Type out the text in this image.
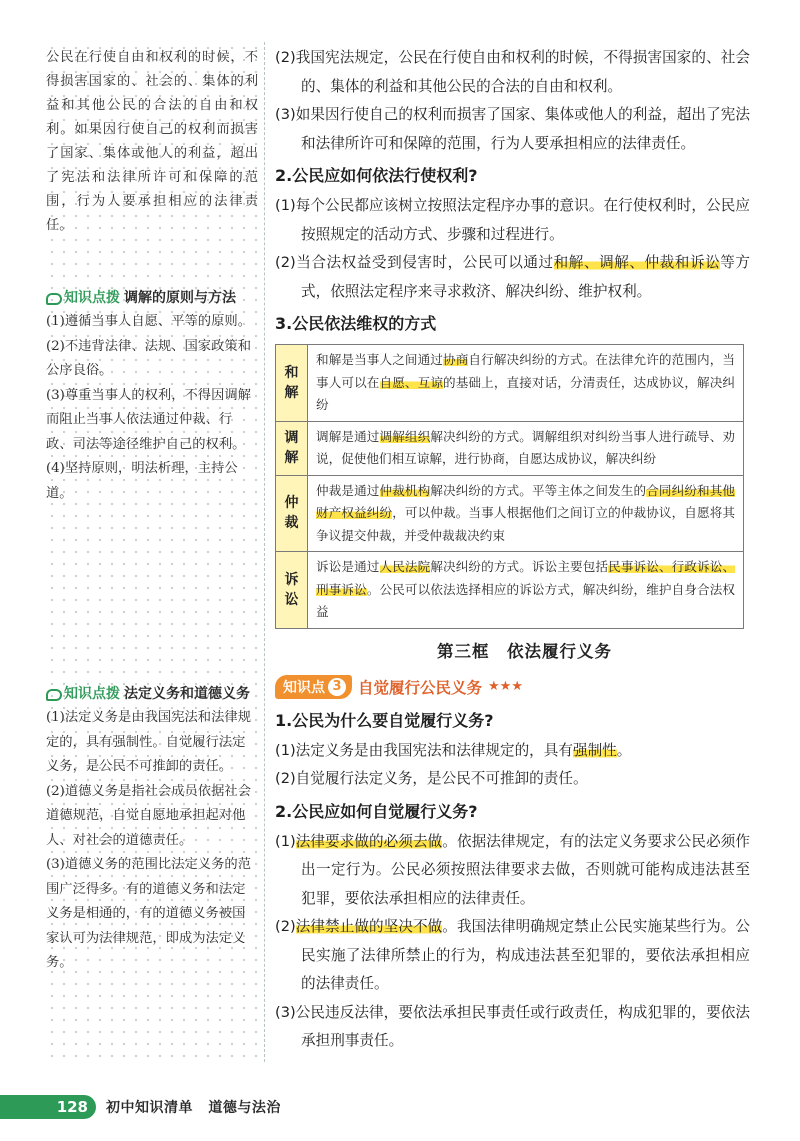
公民在行使自由和权利的时候，不得损害国家的、社会的、集体的利益和其他公民的合法的自由和权利。如果因行使自己的权利而损害了国家、集体或他人的利益，超出了宪法和法律所许可和保障的范围，行为人要承担相应的法律责任。
知识点拨 调解的原则与方法
(1)遵循当事人自愿、平等的原则。
(2)不违背法律、法规、国家政策和公序良俗。
(3)尊重当事人的权利，不得因调解而阻止当事人依法通过仲裁、行政、司法等途径维护自己的权利。
(4)坚持原则，明法析理，主持公道。
知识点拨 法定义务和道德义务
(1)法定义务是由我国宪法和法律规定的，具有强制性。自觉履行法定义务，是公民不可推卸的责任。
(2)道德义务是指社会成员依据社会道德规范，自觉自愿地承担起对他人、对社会的道德责任。
(3)道德义务的范围比法定义务的范围广泛得多。有的道德义务和法定义务是相通的，有的道德义务被国家认可为法律规范，即成为法定义务。
(2)我国宪法规定，公民在行使自由和权利的时候，不得损害国家的、社会的、集体的利益和其他公民的合法的自由和权利。
(3)如果因行使自己的权利而损害了国家、集体或他人的利益，超出了宪法和法律所许可和保障的范围，行为人要承担相应的法律责任。
2.公民应如何依法行使权利?
(1)每个公民都应该树立按照法定程序办事的意识。在行使权利时，公民应按照规定的活动方式、步骤和过程进行。
(2)当合法权益受到侵害时，公民可以通过和解、调解、仲裁和诉讼等方式，依照法定程序来寻求救济、解决纠纷、维护权利。
3.公民依法维权的方式
和解	和解是当事人之间通过协商自行解决纠纷的方式。在法律允许的范围内，当事人可以在自愿、互谅的基础上，直接对话，分清责任，达成协议，解决纠纷
调解	调解是通过调解组织解决纠纷的方式。调解组织对纠纷当事人进行疏导、劝说，促使他们相互谅解，进行协商，自愿达成协议，解决纠纷
仲裁	仲裁是通过仲裁机构解决纠纷的方式。平等主体之间发生的合同纠纷和其他财产权益纠纷，可以仲裁。当事人根据他们之间订立的仲裁协议，自愿将其争议提交仲裁，并受仲裁裁决约束
诉讼	诉讼是通过人民法院解决纠纷的方式。诉讼主要包括民事诉讼、行政诉讼、刑事诉讼。公民可以依法选择相应的诉讼方式，解决纠纷，维护自身合法权益
第三框　依法履行义务
知识点 3 自觉履行公民义务 ★★★
1.公民为什么要自觉履行义务?
(1)法定义务是由我国宪法和法律规定的，具有强制性。
(2)自觉履行法定义务，是公民不可推卸的责任。
2.公民应如何自觉履行义务?
(1)法律要求做的必须去做。依据法律规定，有的法定义务要求公民必须作出一定行为。公民必须按照法律要求去做，否则就可能构成违法甚至犯罪，要依法承担相应的法律责任。
(2)法律禁止做的坚决不做。我国法律明确规定禁止公民实施某些行为。公民实施了法律所禁止的行为，构成违法甚至犯罪的，要依法承担相应的法律责任。
(3)公民违反法律，要依法承担民事责任或行政责任，构成犯罪的，要依法承担刑事责任。
128	初中知识清单 道德与法治
